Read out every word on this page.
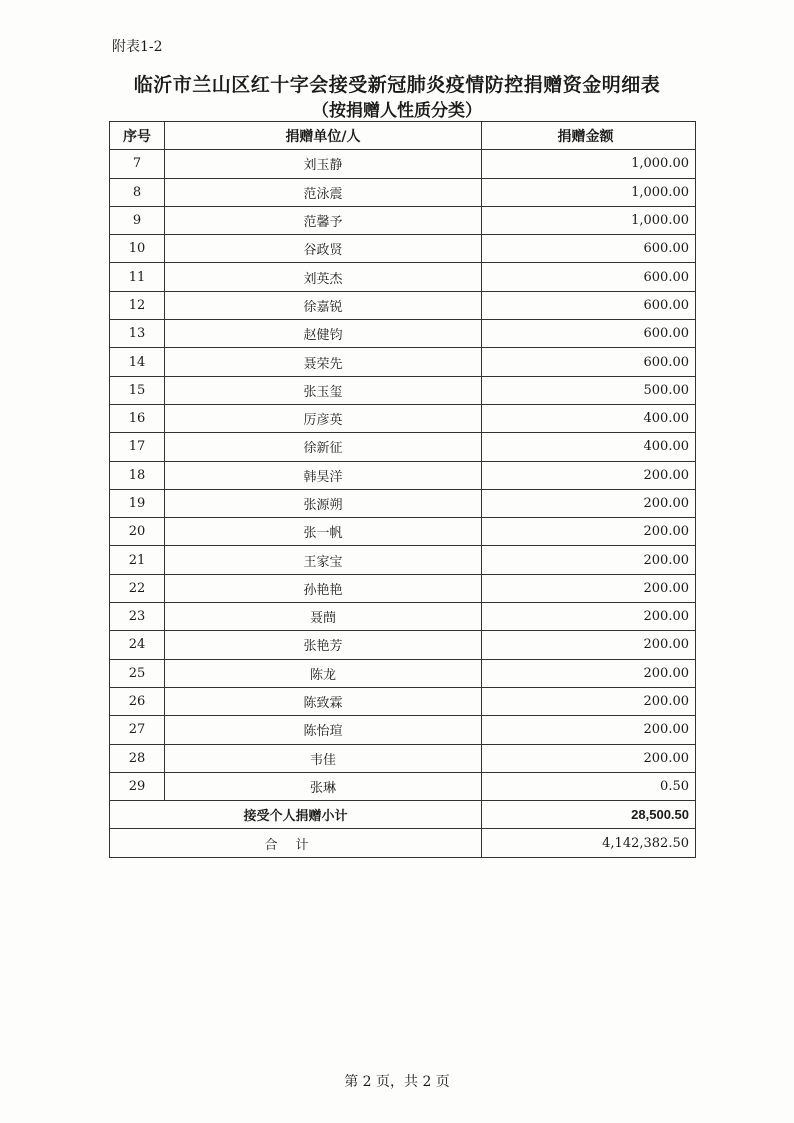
附表1-2
临沂市兰山区红十字会接受新冠肺炎疫情防控捐赠资金明细表
（按捐赠人性质分类）
序号	捐赠单位/人	捐赠金额
7	刘玉静	1,000.00
8	范泳震	1,000.00
9	范馨予	1,000.00
10	谷政贤	600.00
11	刘英杰	600.00
12	徐嘉锐	600.00
13	赵健钧	600.00
14	聂荣先	600.00
15	张玉玺	500.00
16	厉彦英	400.00
17	徐新征	400.00
18	韩昊洋	200.00
19	张源朔	200.00
20	张一帆	200.00
21	王家宝	200.00
22	孙艳艳	200.00
23	聂蔄	200.00
24	张艳芳	200.00
25	陈龙	200.00
26	陈致霖	200.00
27	陈怡瑄	200.00
28	韦佳	200.00
29	张琳	0.50
接受个人捐赠小计		28,500.50
合计		4,142,382.50
第 2 页，共 2 页
